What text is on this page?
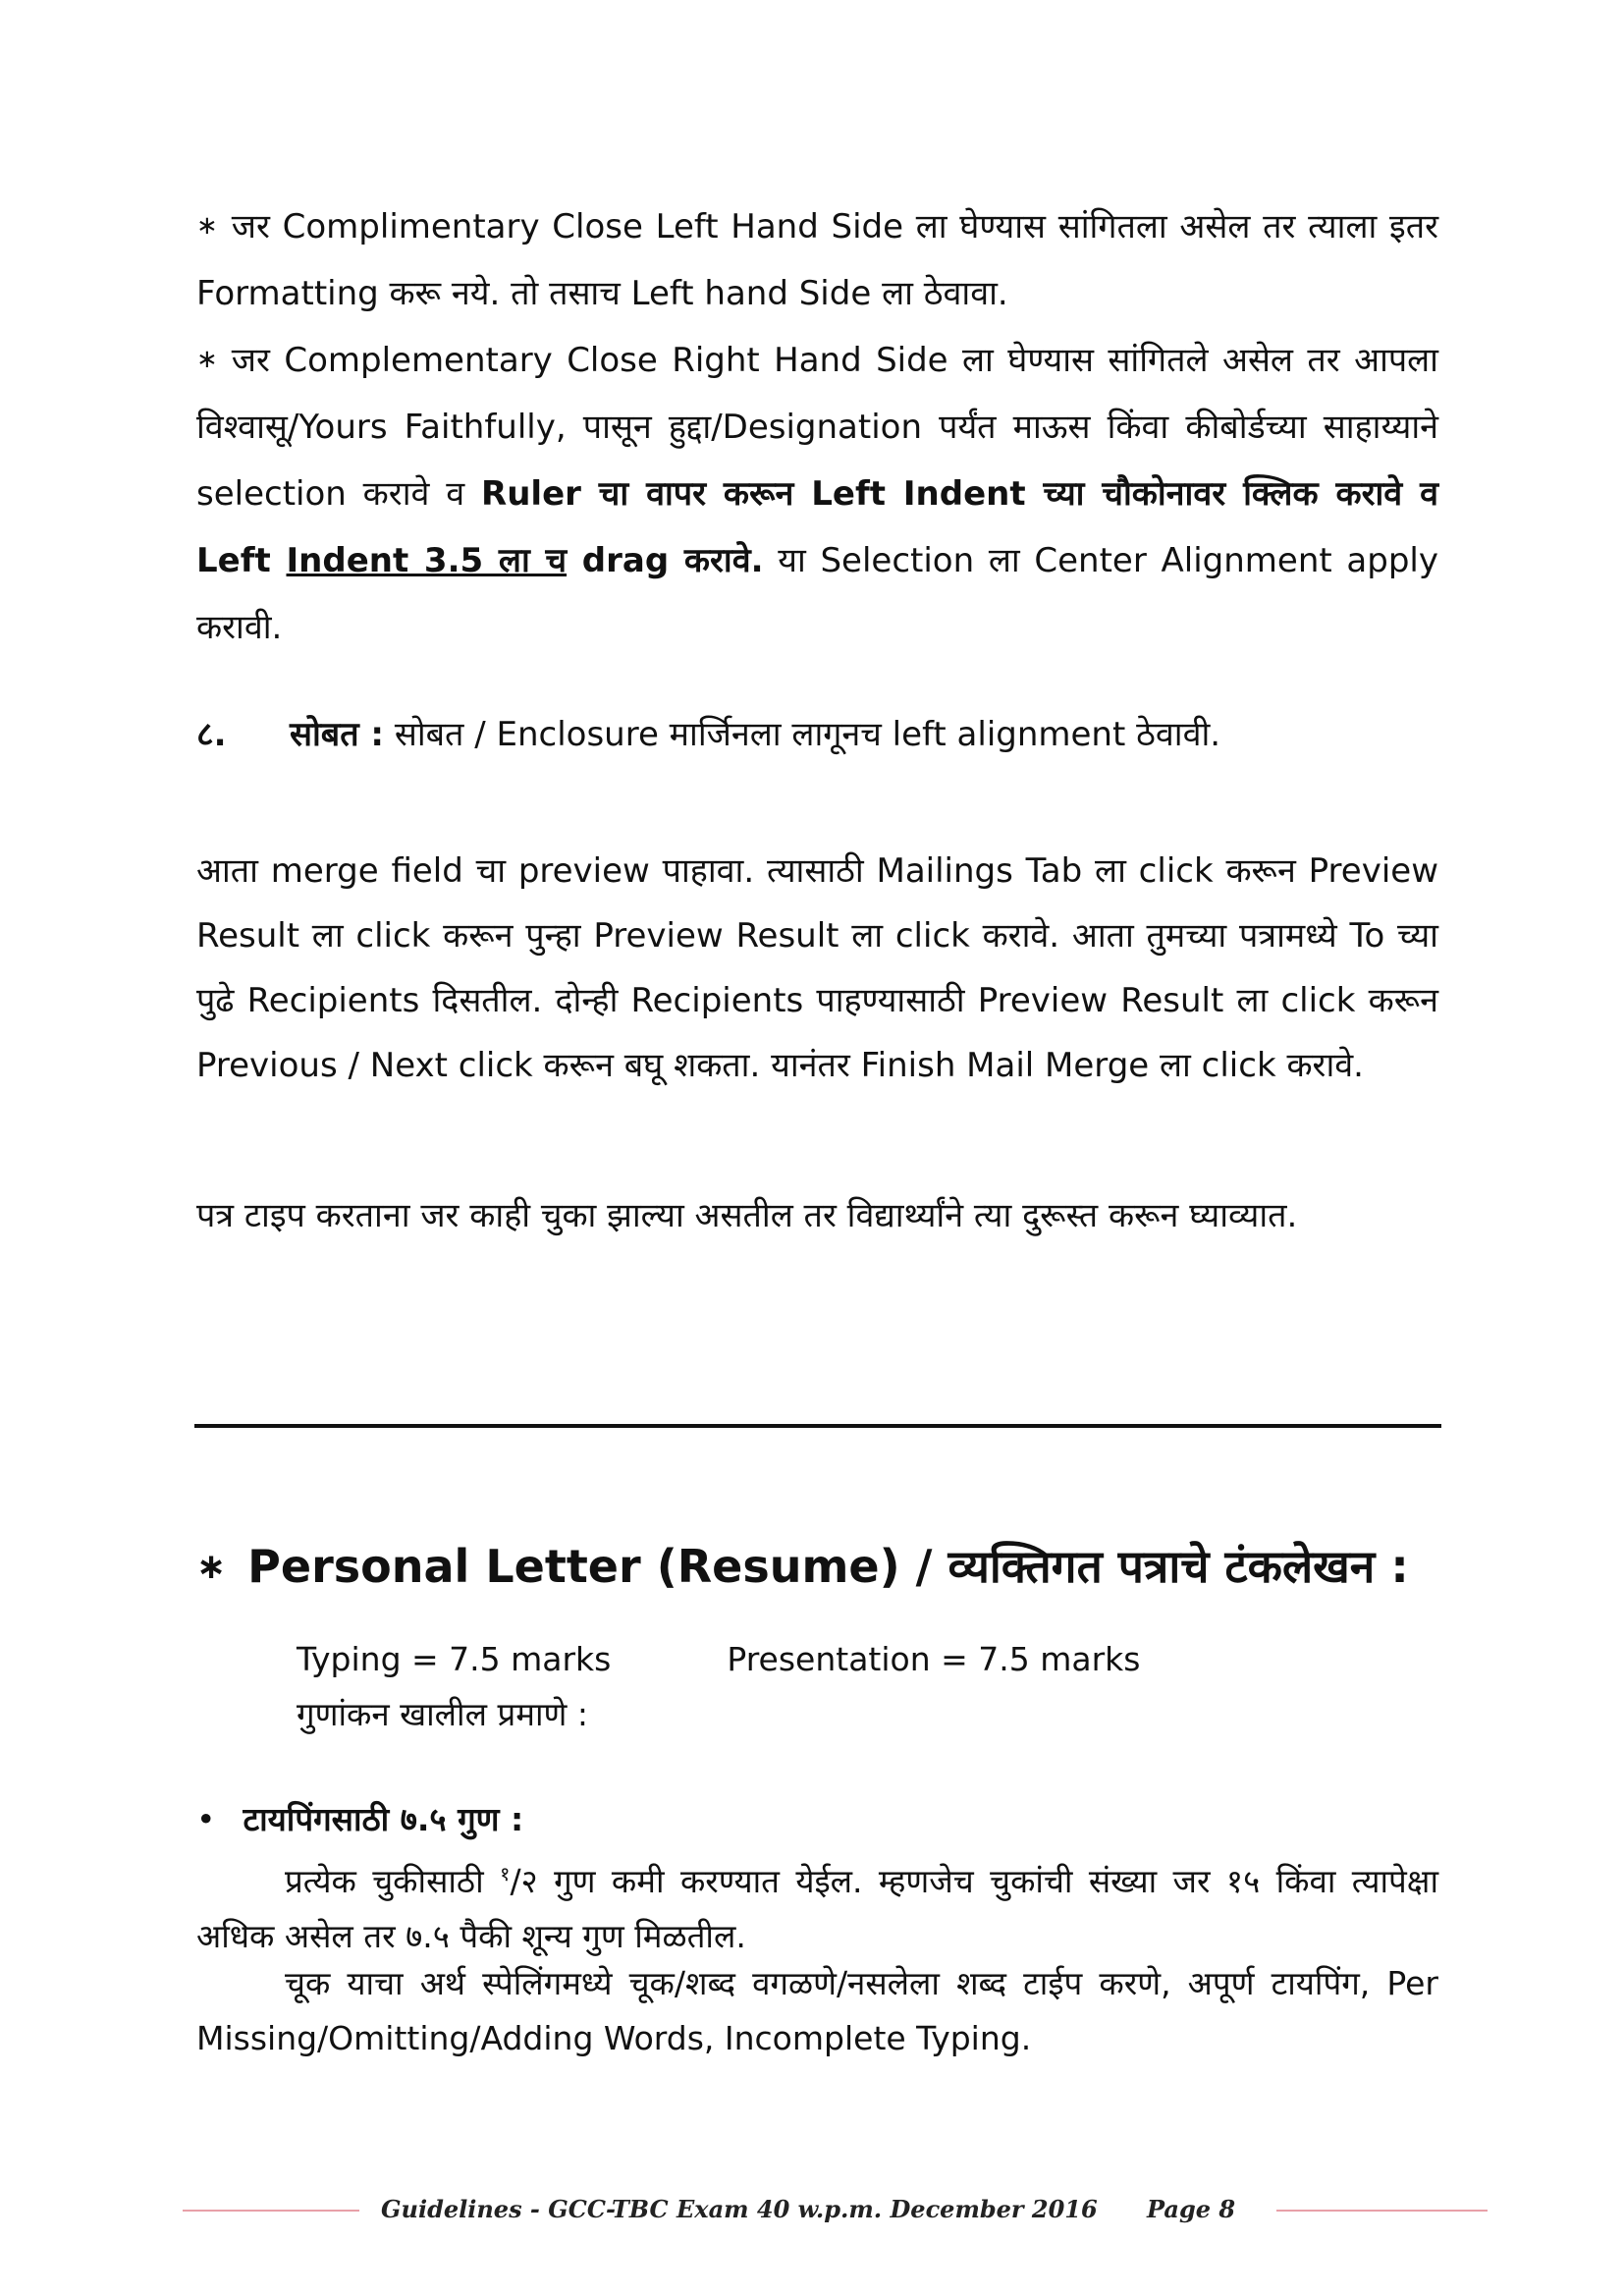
∗ जर Complimentary Close Left Hand Side ला घेण्यास सांगितला असेल तर त्याला इतर Formatting करू नये. तो तसाच Left hand Side ला ठेवावा.

∗ जर Complementary Close Right Hand Side ला घेण्यास सांगितले असेल तर आपला विश्वासू/Yours Faithfully, पासून हुद्दा/Designation पर्यंत माऊस किंवा कीबोर्डच्या साहाय्याने selection करावे व Ruler चा वापर करून Left Indent च्या चौकोनावर क्लिक करावे व Left Indent 3.5 ला च drag करावे. या Selection ला Center Alignment apply करावी.

८. सोबत : सोबत / Enclosure मार्जिनला लागूनच left alignment ठेवावी.

आता merge field चा preview पाहावा. त्यासाठी Mailings Tab ला click करून Preview Result ला click करून पुन्हा Preview Result ला click करावे. आता तुमच्या पत्रामध्ये To च्या पुढे Recipients दिसतील. दोन्ही Recipients पाहण्यासाठी Preview Result ला click करून Previous / Next click करून बघू शकता. यानंतर Finish Mail Merge ला click करावे.

पत्र टाइप करताना जर काही चुका झाल्या असतील तर विद्यार्थ्यांने त्या दुरूस्त करून घ्याव्यात.

∗ Personal Letter (Resume) / व्यक्तिगत पत्राचे टंकलेखन :

Typing = 7.5 marks	Presentation = 7.5 marks

गुणांकन खालील प्रमाणे :

• टायपिंगसाठी ७.५ गुण :

प्रत्येक चुकीसाठी $^१$/२ गुण कमी करण्यात येईल. म्हणजेच चुकांची संख्या जर १५ किंवा त्यापेक्षा अधिक असेल तर ७.५ पैकी शून्य गुण मिळतील.

चूक याचा अर्थ स्पेलिंगमध्ये चूक/शब्द वगळणे/नसलेला शब्द टाईप करणे, अपूर्ण टायपिंग, Per Missing/Omitting/Adding Words, Incomplete Typing.

Guidelines - GCC-TBC Exam 40 w.p.m. December 2016 Page 8
